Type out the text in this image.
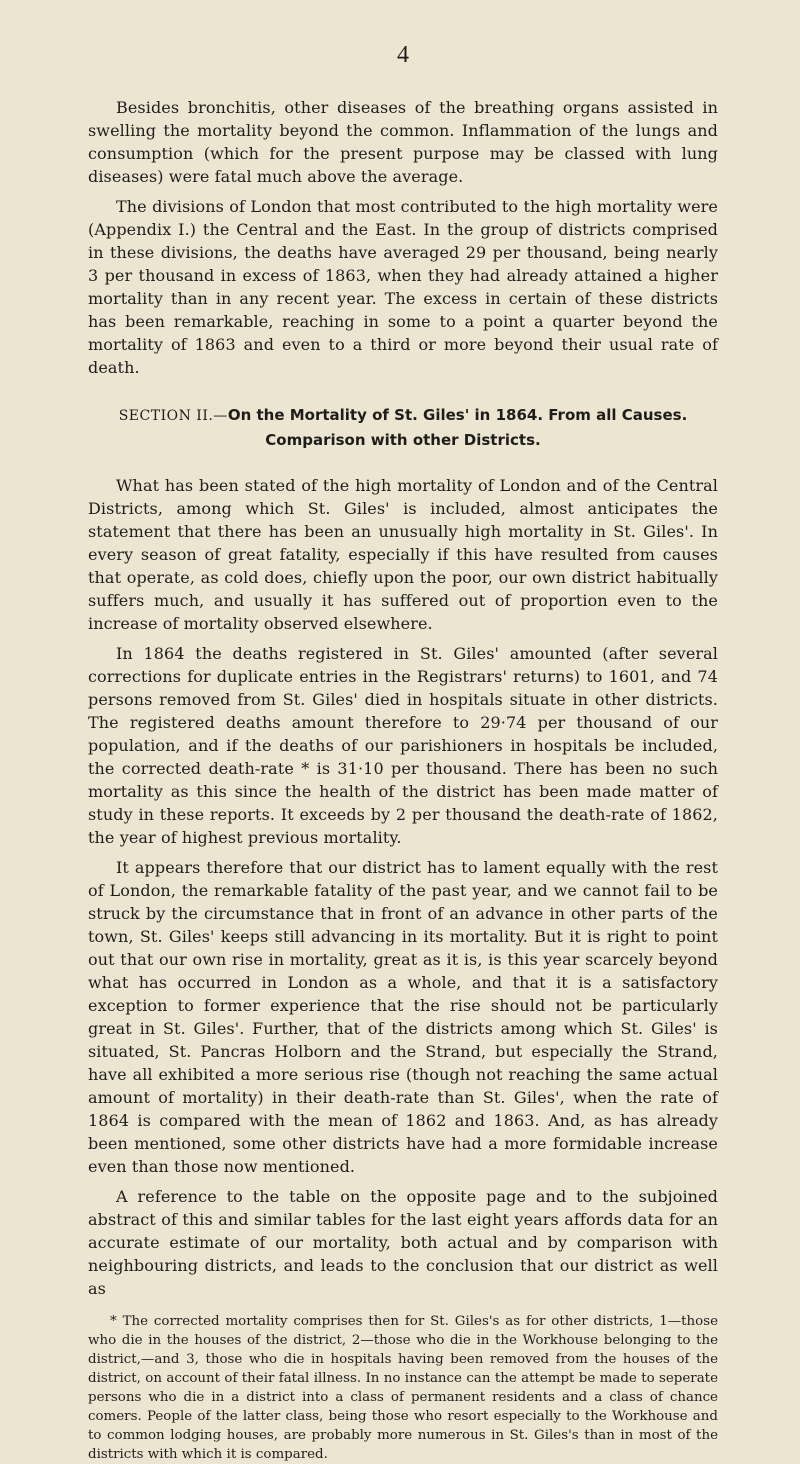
4

Besides bronchitis, other diseases of the breathing organs assisted in swelling the mortality beyond the common. Inflammation of the lungs and consumption (which for the present purpose may be classed with lung diseases) were fatal much above the average.

The divisions of London that most contributed to the high mortality were (Appendix I.) the Central and the East. In the group of districts comprised in these divisions, the deaths have averaged 29 per thousand, being nearly 3 per thousand in excess of 1863, when they had already attained a higher mortality than in any recent year. The excess in certain of these districts has been remarkable, reaching in some to a point a quarter beyond the mortality of 1863 and even to a third or more beyond their usual rate of death.

SECTION II.—On the Mortality of St. Giles' in 1864. From all Causes.

Comparison with other Districts.

What has been stated of the high mortality of London and of the Central Districts, among which St. Giles' is included, almost anticipates the statement that there has been an unusually high mortality in St. Giles'. In every season of great fatality, especially if this have resulted from causes that operate, as cold does, chiefly upon the poor, our own district habitually suffers much, and usually it has suffered out of proportion even to the increase of mortality observed elsewhere.

In 1864 the deaths registered in St. Giles' amounted (after several corrections for duplicate entries in the Registrars' returns) to 1601, and 74 persons removed from St. Giles' died in hospitals situate in other districts. The registered deaths amount therefore to 29·74 per thousand of our population, and if the deaths of our parishioners in hospitals be included, the corrected death-rate * is 31·10 per thousand. There has been no such mortality as this since the health of the district has been made matter of study in these reports. It exceeds by 2 per thousand the death-rate of 1862, the year of highest previous mortality.

It appears therefore that our district has to lament equally with the rest of London, the remarkable fatality of the past year, and we cannot fail to be struck by the circumstance that in front of an advance in other parts of the town, St. Giles' keeps still advancing in its mortality. But it is right to point out that our own rise in mortality, great as it is, is this year scarcely beyond what has occurred in London as a whole, and that it is a satisfactory exception to former experience that the rise should not be particularly great in St. Giles'. Further, that of the districts among which St. Giles' is situated, St. Pancras Holborn and the Strand, but especially the Strand, have all exhibited a more serious rise (though not reaching the same actual amount of mortality) in their death-rate than St. Giles', when the rate of 1864 is compared with the mean of 1862 and 1863. And, as has already been mentioned, some other districts have had a more formidable increase even than those now mentioned.

A reference to the table on the opposite page and to the subjoined abstract of this and similar tables for the last eight years affords data for an accurate estimate of our mortality, both actual and by comparison with neighbouring districts, and leads to the conclusion that our district as well as

* The corrected mortality comprises then for St. Giles's as for other districts, 1—those who die in the houses of the district, 2—those who die in the Workhouse belonging to the district,—and 3, those who die in hospitals having been removed from the houses of the district, on account of their fatal illness. In no instance can the attempt be made to seperate persons who die in a district into a class of permanent residents and a class of chance comers. People of the latter class, being those who resort especially to the Workhouse and to common lodging houses, are probably more numerous in St. Giles's than in most of the districts with which it is compared.
